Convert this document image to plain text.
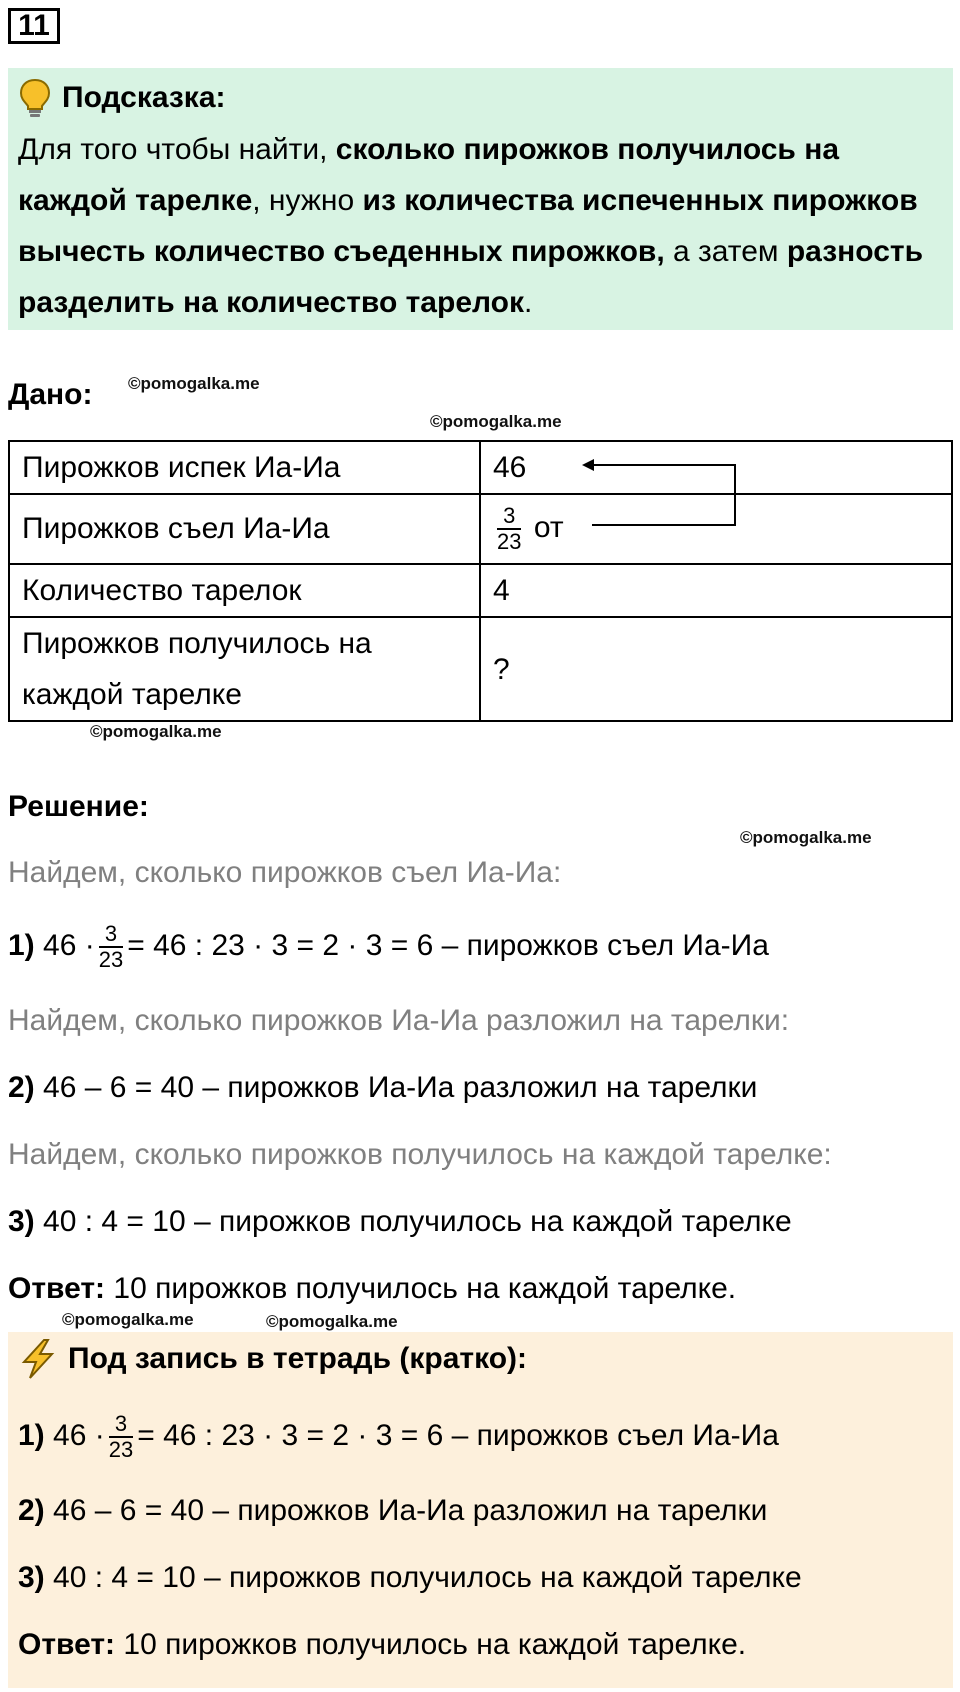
11
Подсказка:
Для того чтобы найти, сколько пирожков получилось на каждой тарелке, нужно из количества испеченных пирожков вычесть количество съеденных пирожков, а затем разность разделить на количество тарелок.
Дано: ©pomogalka.me
©pomogalka.me
Пирожков испек Иа-Иа	46
Пирожков съел Иа-Иа	$\frac{3}{23}$ от
Количество тарелок	4
Пирожков получилось на каждой тарелке	?
©pomogalka.me
Решение:
©pomogalka.me
Найдем, сколько пирожков съел Иа-Иа:
1) $46 \cdot \frac{3}{23} = 46$ : 23 · 3 = 2 · 3 = 6 – пирожков съел Иа-Иа
Найдем, сколько пирожков Иа-Иа разложил на тарелки:
2) 46 – 6 = 40 – пирожков Иа-Иа разложил на тарелки
Найдем, сколько пирожков получилось на каждой тарелке:
3) 40 : 4 = 10 – пирожков получилось на каждой тарелке
Ответ: 10 пирожков получилось на каждой тарелке.
©pomogalka.me	©pomogalka.me
Под запись в тетрадь (кратко):
1) $46 \cdot \frac{3}{23} = 46$ : 23 · 3 = 2 · 3 = 6 – пирожков съел Иа-Иа
2) 46 – 6 = 40 – пирожков Иа-Иа разложил на тарелки
3) 40 : 4 = 10 – пирожков получилось на каждой тарелке
Ответ: 10 пирожков получилось на каждой тарелке.
